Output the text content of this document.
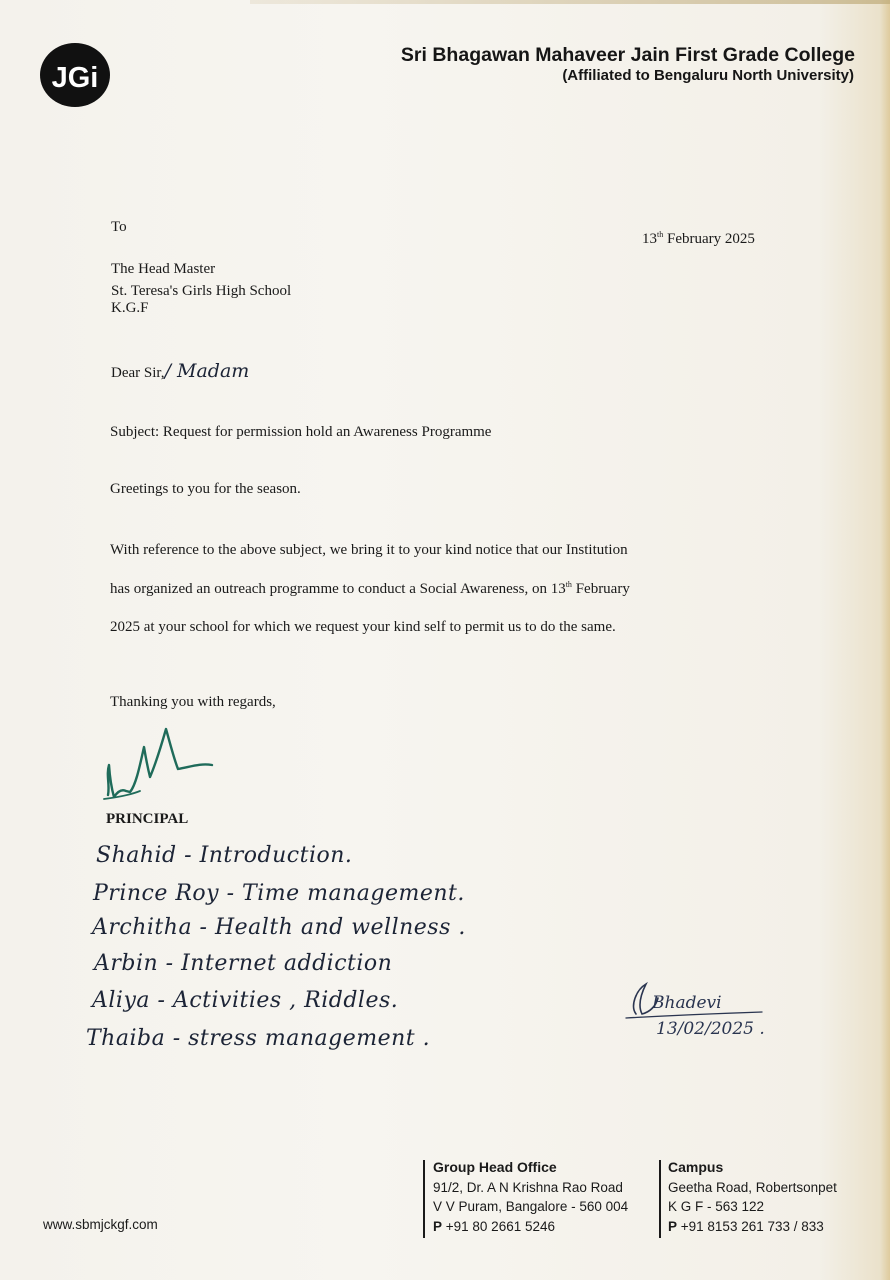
JGi
Sri Bhagawan Mahaveer Jain First Grade College
(Affiliated to Bengaluru North University)
To
13th February 2025
The Head Master
St. Teresa's Girls High School
K.G.F
Dear Sir,/ Madam
Subject: Request for permission hold an Awareness Programme
Greetings to you for the season.
With reference to the above subject, we bring it to your kind notice that our Institution
has organized an outreach programme to conduct a Social Awareness, on 13th February
2025 at your school for which we request your kind self to permit us to do the same.
Thanking you with regards,
PRINCIPAL
Shahid - Introduction.
Prince Roy - Time management.
Architha - Health and wellness .
Arbin - Internet addiction
Aliya - Activities , Riddles.
Thaiba - stress management .
Bhadevi
13/02/2025 .
www.sbmjckgf.com
Group Head Office
91/2, Dr. A N Krishna Rao Road
V V Puram, Bangalore - 560 004
P +91 80 2661 5246
Campus
Geetha Road, Robertsonpet
K G F - 563 122
P +91 8153 261 733 / 833
